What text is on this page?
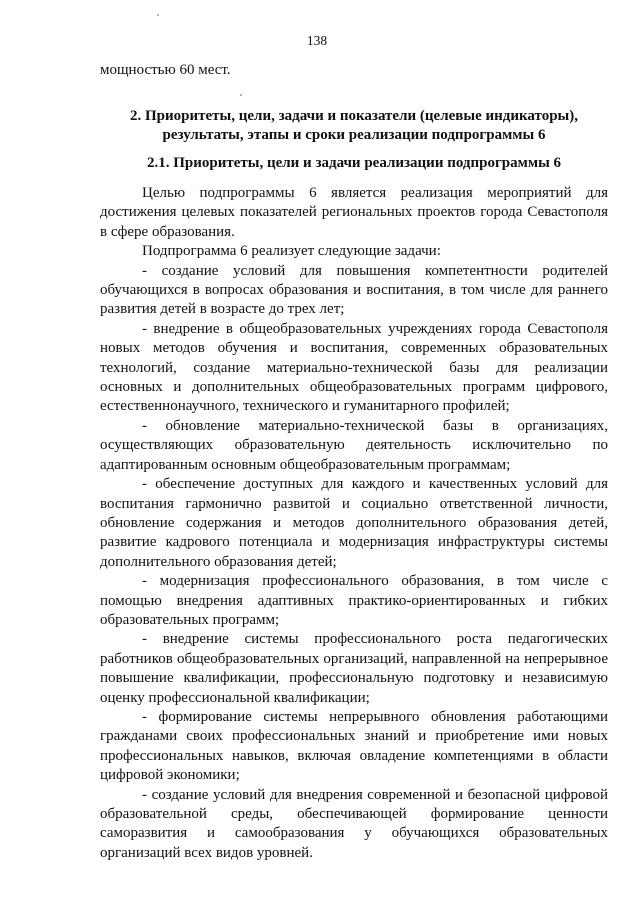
138

мощностью 60 мест.

2. Приоритеты, цели, задачи и показатели (целевые индикаторы), результаты, этапы и сроки реализации подпрограммы 6
2.1. Приоритеты, цели и задачи реализации подпрограммы 6

Целью подпрограммы 6 является реализация мероприятий для достижения целевых показателей региональных проектов города Севастополя в сфере образования.

Подпрограмма 6 реализует следующие задачи:

- создание условий для повышения компетентности родителей обучающихся в вопросах образования и воспитания, в том числе для раннего развития детей в возрасте до трех лет;

- внедрение в общеобразовательных учреждениях города Севастополя новых методов обучения и воспитания, современных образовательных технологий, создание материально-технической базы для реализации основных и дополнительных общеобразовательных программ цифрового, естественнонаучного, технического и гуманитарного профилей;

- обновление материально-технической базы в организациях, осуществляющих образовательную деятельность исключительно по адаптированным основным общеобразовательным программам;

- обеспечение доступных для каждого и качественных условий для воспитания гармонично развитой и социально ответственной личности, обновление содержания и методов дополнительного образования детей, развитие кадрового потенциала и модернизация инфраструктуры системы дополнительного образования детей;

- модернизация профессионального образования, в том числе с помощью внедрения адаптивных практико-ориентированных и гибких образовательных программ;

- внедрение системы профессионального роста педагогических работников общеобразовательных организаций, направленной на непрерывное повышение квалификации, профессиональную подготовку и независимую оценку профессиональной квалификации;

- формирование системы непрерывного обновления работающими гражданами своих профессиональных знаний и приобретение ими новых профессиональных навыков, включая овладение компетенциями в области цифровой экономики;

- создание условий для внедрения современной и безопасной цифровой образовательной среды, обеспечивающей формирование ценности саморазвития и самообразования у обучающихся образовательных организаций всех видов уровней.
